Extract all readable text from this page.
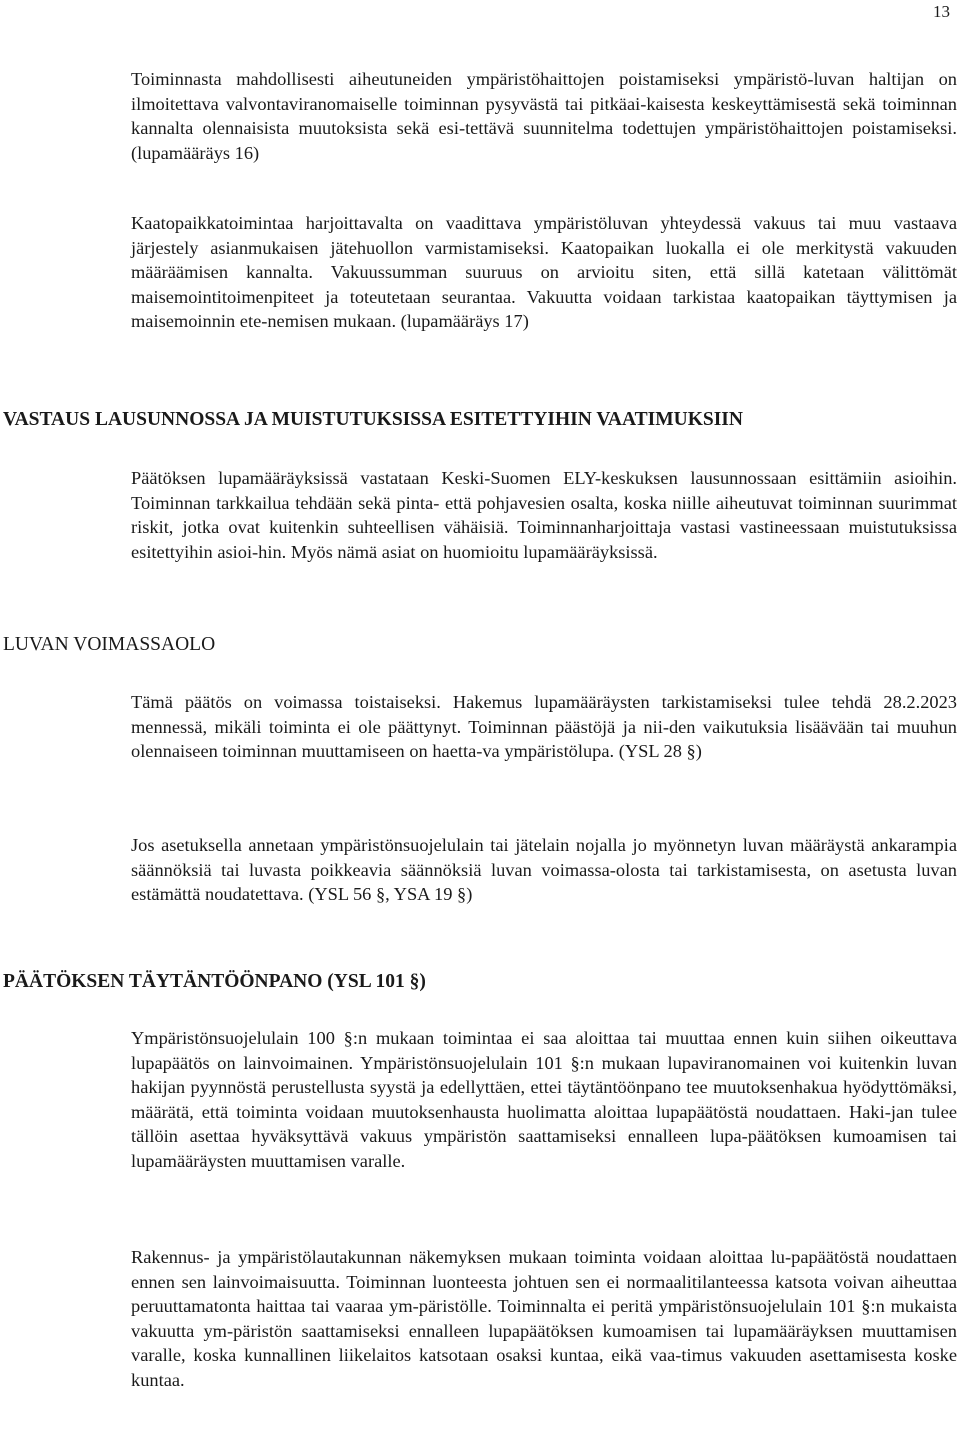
13

Toiminnasta mahdollisesti aiheutuneiden ympäristöhaittojen poistamiseksi ympäristö-luvan haltijan on ilmoitettava valvontaviranomaiselle toiminnan pysyvästä tai pitkäai-kaisesta keskeyttämisestä sekä toiminnan kannalta olennaisista muutoksista sekä esi-tettävä suunnitelma todettujen ympäristöhaittojen poistamiseksi. (lupamääräys 16)

Kaatopaikkatoimintaa harjoittavalta on vaadittava ympäristöluvan yhteydessä vakuus tai muu vastaava järjestely asianmukaisen jätehuollon varmistamiseksi. Kaatopaikan luokalla ei ole merkitystä vakuuden määräämisen kannalta. Vakuussumman suuruus on arvioitu siten, että sillä katetaan välittömät maisemointitoimenpiteet ja toteutetaan seurantaa. Vakuutta voidaan tarkistaa kaatopaikan täyttymisen ja maisemoinnin ete-nemisen mukaan. (lupamääräys 17)

VASTAUS LAUSUNNOSSA JA MUISTUTUKSISSA ESITETTYIHIN VAATIMUKSIIN

Päätöksen lupamääräyksissä vastataan Keski-Suomen ELY-keskuksen lausunnossaan esittämiin asioihin. Toiminnan tarkkailua tehdään sekä pinta- että pohjavesien osalta, koska niille aiheutuvat toiminnan suurimmat riskit, jotka ovat kuitenkin suhteellisen vähäisiä. Toiminnanharjoittaja vastasi vastineessaan muistutuksissa esitettyihin asioi-hin. Myös nämä asiat on huomioitu lupamääräyksissä.

LUVAN VOIMASSAOLO

Tämä päätös on voimassa toistaiseksi. Hakemus lupamääräysten tarkistamiseksi tulee tehdä 28.2.2023 mennessä, mikäli toiminta ei ole päättynyt. Toiminnan päästöjä ja nii-den vaikutuksia lisäävään tai muuhun olennaiseen toiminnan muuttamiseen on haetta-va ympäristölupa. (YSL 28 §)

Jos asetuksella annetaan ympäristönsuojelulain tai jätelain nojalla jo myönnetyn luvan määräystä ankarampia säännöksiä tai luvasta poikkeavia säännöksiä luvan voimassa-olosta tai tarkistamisesta, on asetusta luvan estämättä noudatettava. (YSL 56 §, YSA 19 §)

PÄÄTÖKSEN TÄYTÄNTÖÖNPANO (YSL 101 §)

Ympäristönsuojelulain 100 §:n mukaan toimintaa ei saa aloittaa tai muuttaa ennen kuin siihen oikeuttava lupapäätös on lainvoimainen. Ympäristönsuojelulain 101 §:n mukaan lupaviranomainen voi kuitenkin luvan hakijan pyynnöstä perustellusta syystä ja edellyttäen, ettei täytäntöönpano tee muutoksenhakua hyödyttömäksi, määrätä, että toiminta voidaan muutoksenhausta huolimatta aloittaa lupapäätöstä noudattaen. Haki-jan tulee tällöin asettaa hyväksyttävä vakuus ympäristön saattamiseksi ennalleen lupa-päätöksen kumoamisen tai lupamääräysten muuttamisen varalle.

Rakennus- ja ympäristölautakunnan näkemyksen mukaan toiminta voidaan aloittaa lu-papäätöstä noudattaen ennen sen lainvoimaisuutta. Toiminnan luonteesta johtuen sen ei normaalitilanteessa katsota voivan aiheuttaa peruuttamatonta haittaa tai vaaraa ym-päristölle. Toiminnalta ei peritä ympäristönsuojelulain 101 §:n mukaista vakuutta ym-päristön saattamiseksi ennalleen lupapäätöksen kumoamisen tai lupamääräyksen muuttamisen varalle, koska kunnallinen liikelaitos katsotaan osaksi kuntaa, eikä vaa-timus vakuuden asettamisesta koske kuntaa.
